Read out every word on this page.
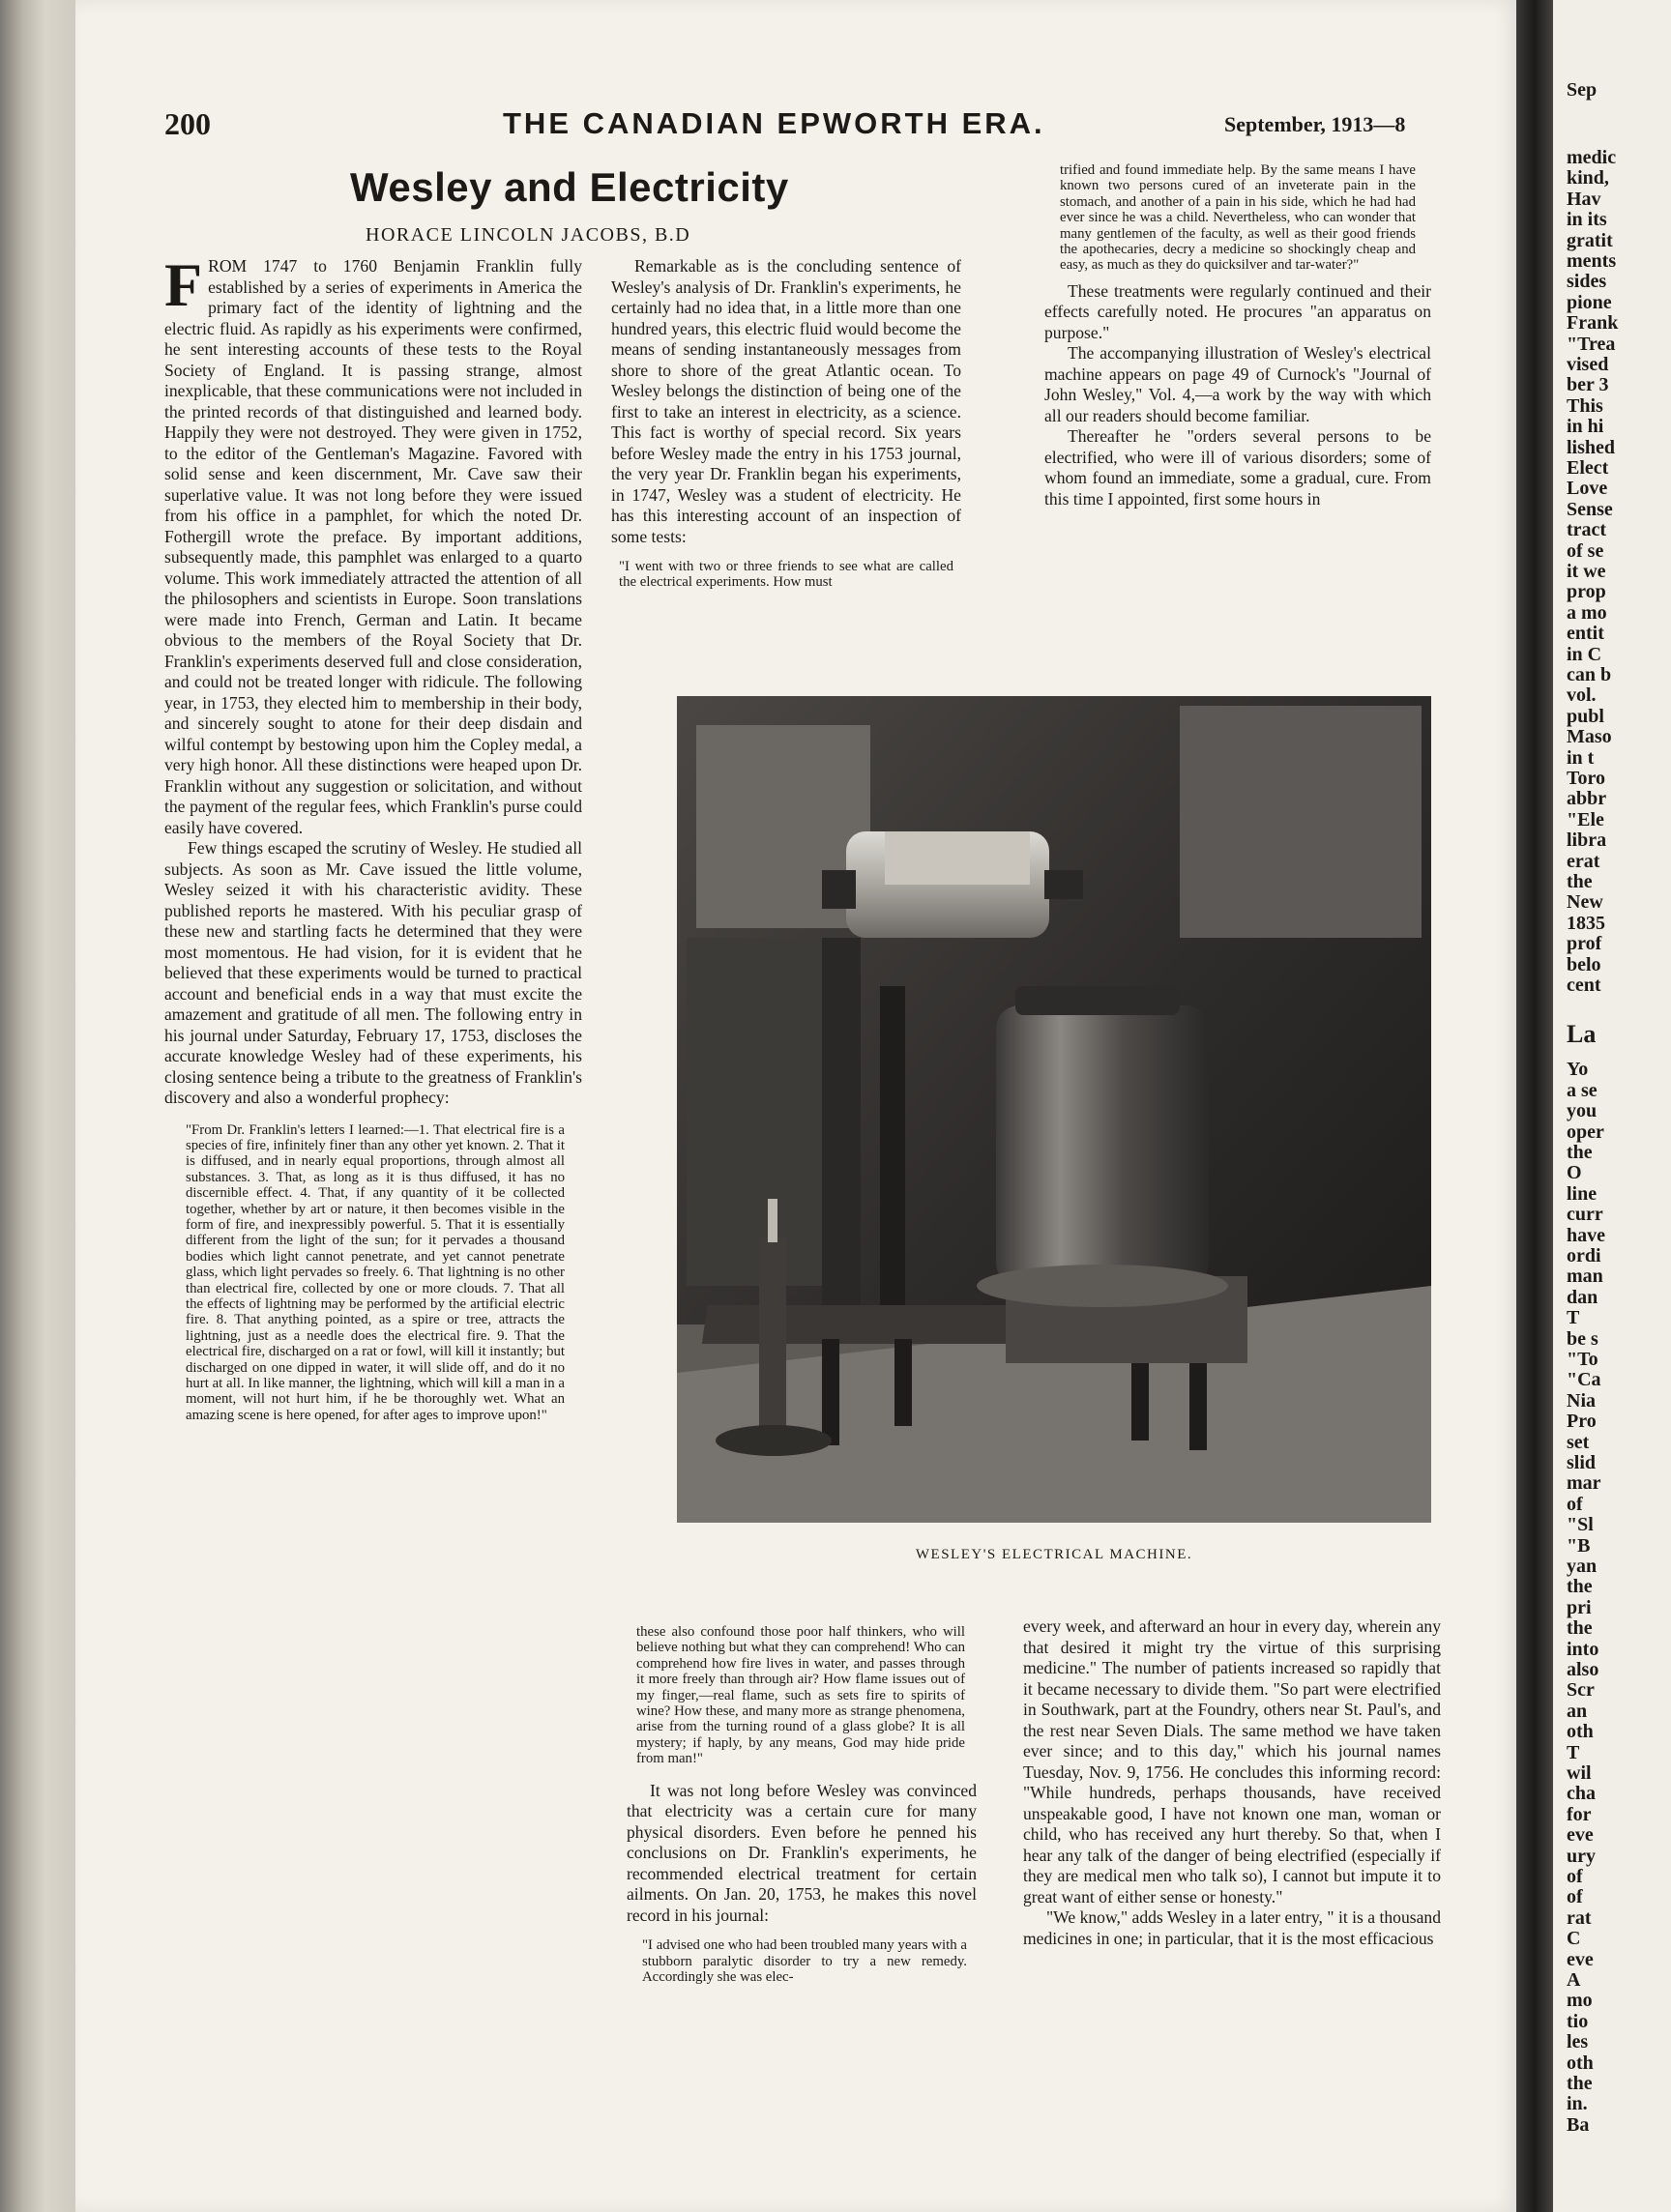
200	THE CANADIAN EPWORTH ERA.	September, 1913—8
Wesley and Electricity
HORACE LINCOLN JACOBS, B.D

FROM 1747 to 1760 Benjamin Franklin fully established by a series of experiments in America the primary fact of the identity of lightning and the electric fluid. As rapidly as his experiments were confirmed, he sent interesting accounts of these tests to the Royal Society of England. It is passing strange, almost inexplicable, that these communications were not included in the printed records of that distinguished and learned body. Happily they were not destroyed. They were given in 1752, to the editor of the Gentleman's Magazine. Favored with solid sense and keen discernment, Mr. Cave saw their superlative value. It was not long before they were issued from his office in a pamphlet, for which the noted Dr. Fothergill wrote the preface. By important additions, subsequently made, this pamphlet was enlarged to a quarto volume. This work immediately attracted the attention of all the philosophers and scientists in Europe. Soon translations were made into French, German and Latin. It became obvious to the members of the Royal Society that Dr. Franklin's experiments deserved full and close consideration, and could not be treated longer with ridicule. The following year, in 1753, they elected him to membership in their body, and sincerely sought to atone for their deep disdain and wilful contempt by bestowing upon him the Copley medal, a very high honor. All these distinctions were heaped upon Dr. Franklin without any suggestion or solicitation, and without the payment of the regular fees, which Franklin's purse could easily have covered.

Few things escaped the scrutiny of Wesley. He studied all subjects. As soon as Mr. Cave issued the little volume, Wesley seized it with his characteristic avidity. These published reports he mastered. With his peculiar grasp of these new and startling facts he determined that they were most momentous. He had vision, for it is evident that he believed that these experiments would be turned to practical account and beneficial ends in a way that must excite the amazement and gratitude of all men. The following entry in his journal under Saturday, February 17, 1753, discloses the accurate knowledge Wesley had of these experiments, his closing sentence being a tribute to the greatness of Franklin's discovery and also a wonderful prophecy:

"From Dr. Franklin's letters I learned:—1. That electrical fire is a species of fire, infinitely finer than any other yet known. 2. That it is diffused, and in nearly equal proportions, through almost all substances. 3. That, as long as it is thus diffused, it has no discernible effect. 4. That, if any quantity of it be collected together, whether by art or nature, it then becomes visible in the form of fire, and inexpressibly powerful. 5. That it is essentially different from the light of the sun; for it pervades a thousand bodies which light cannot penetrate, and yet cannot penetrate glass, which light pervades so freely. 6. That lightning is no other than electrical fire, collected by one or more clouds. 7. That all the effects of lightning may be performed by the artificial electric fire. 8. That anything pointed, as a spire or tree, attracts the lightning, just as a needle does the electrical fire. 9. That the electrical fire, discharged on a rat or fowl, will kill it instantly; but discharged on one dipped in water, it will slide off, and do it no hurt at all. In like manner, the lightning, which will kill a man in a moment, will not hurt him, if he be thoroughly wet. What an amazing scene is here opened, for after ages to improve upon!"

Remarkable as is the concluding sentence of Wesley's analysis of Dr. Franklin's experiments, he certainly had no idea that, in a little more than one hundred years, this electric fluid would become the means of sending instantaneously messages from shore to shore of the great Atlantic ocean. To Wesley belongs the distinction of being one of the first to take an interest in electricity, as a science. This fact is worthy of special record. Six years before Wesley made the entry in his 1753 journal, the very year Dr. Franklin began his experiments, in 1747, Wesley was a student of electricity. He has this interesting account of an inspection of some tests:

"I went with two or three friends to see what are called the electrical experiments. How must
trified and found immediate help. By the same means I have known two persons cured of an inveterate pain in the stomach, and another of a pain in his side, which he had had ever since he was a child. Nevertheless, who can wonder that many gentlemen of the faculty, as well as their good friends the apothecaries, decry a medicine so shockingly cheap and easy, as much as they do quicksilver and tar-water?"

These treatments were regularly continued and their effects carefully noted. He procures "an apparatus on purpose."

The accompanying illustration of Wesley's electrical machine appears on page 49 of Curnock's "Journal of John Wesley," Vol. 4,—a work by the way with which all our readers should become familiar.

Thereafter he "orders several persons to be electrified, who were ill of various disorders; some of whom found an immediate, some a gradual, cure. From this time I appointed, first some hours in

WESLEY'S ELECTRICAL MACHINE.
these also confound those poor half thinkers, who will believe nothing but what they can comprehend! Who can comprehend how fire lives in water, and passes through it more freely than through air? How flame issues out of my finger,—real flame, such as sets fire to spirits of wine? How these, and many more as strange phenomena, arise from the turning round of a glass globe? It is all mystery; if haply, by any means, God may hide pride from man!"

It was not long before Wesley was convinced that electricity was a certain cure for many physical disorders. Even before he penned his conclusions on Dr. Franklin's experiments, he recommended electrical treatment for certain ailments. On Jan. 20, 1753, he makes this novel record in his journal:

"I advised one who had been troubled many years with a stubborn paralytic disorder to try a new remedy. Accordingly she was elec-

every week, and afterward an hour in every day, wherein any that desired it might try the virtue of this surprising medicine." The number of patients increased so rapidly that it became necessary to divide them. "So part were electrified in Southwark, part at the Foundry, others near St. Paul's, and the rest near Seven Dials. The same method we have taken ever since; and to this day," which his journal names Tuesday, Nov. 9, 1756. He concludes this informing record: "While hundreds, perhaps thousands, have received unspeakable good, I have not known one man, woman or child, who has received any hurt thereby. So that, when I hear any talk of the danger of being electrified (especially if they are medical men who talk so), I cannot but impute it to great want of either sense or honesty."

"We know," adds Wesley in a later entry, " it is a thousand medicines in one; in particular, that it is the most efficacious

Sep
medic
kind,
Hav
in its
gratit
ments
sides
pione
Frank
"Trea
vised
ber 3
This
in hi
lished
Elect
Love
Sense
tract
of se
it we
prop
a mo
entit
in C
can b
vol.
publ
Maso
in t
Toro
abbr
"Ele
libra
erat
the
New
1835
prof
belo
cent
La
Yo
a se
you
oper
the
O
line
curr
have
ordi
man
dan
T
be s
"To
"Ca
Nia
Pro
set
slid
mar
of
"Sl
"B
yan
the
pri
the
into
also
Scr
an
oth
T
wil
cha
for
eve
ury
of
of
rat
C
eve
A
mo
tio
les
oth
the
in.
Ba
